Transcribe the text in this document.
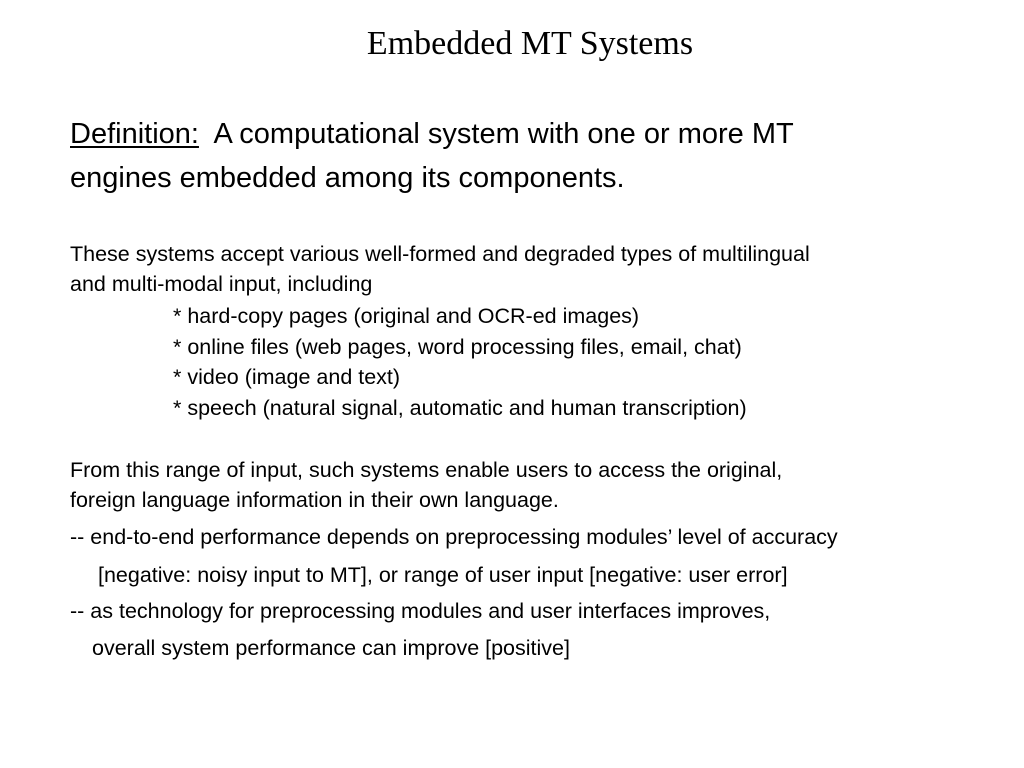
Embedded MT Systems
Definition: A computational system with one or more MT
engines embedded among its components.
These systems accept various well-formed and degraded types of multilingual
and multi-modal input, including
* hard-copy pages (original and OCR-ed images)
* online files (web pages, word processing files, email, chat)
* video (image and text)
* speech (natural signal, automatic and human transcription)
From this range of input, such systems enable users to access the original,
foreign language information in their own language.
-- end-to-end performance depends on preprocessing modules’ level of accuracy
[negative: noisy input to MT], or range of user input [negative: user error]
-- as technology for preprocessing modules and user interfaces improves,
overall system performance can improve [positive]
